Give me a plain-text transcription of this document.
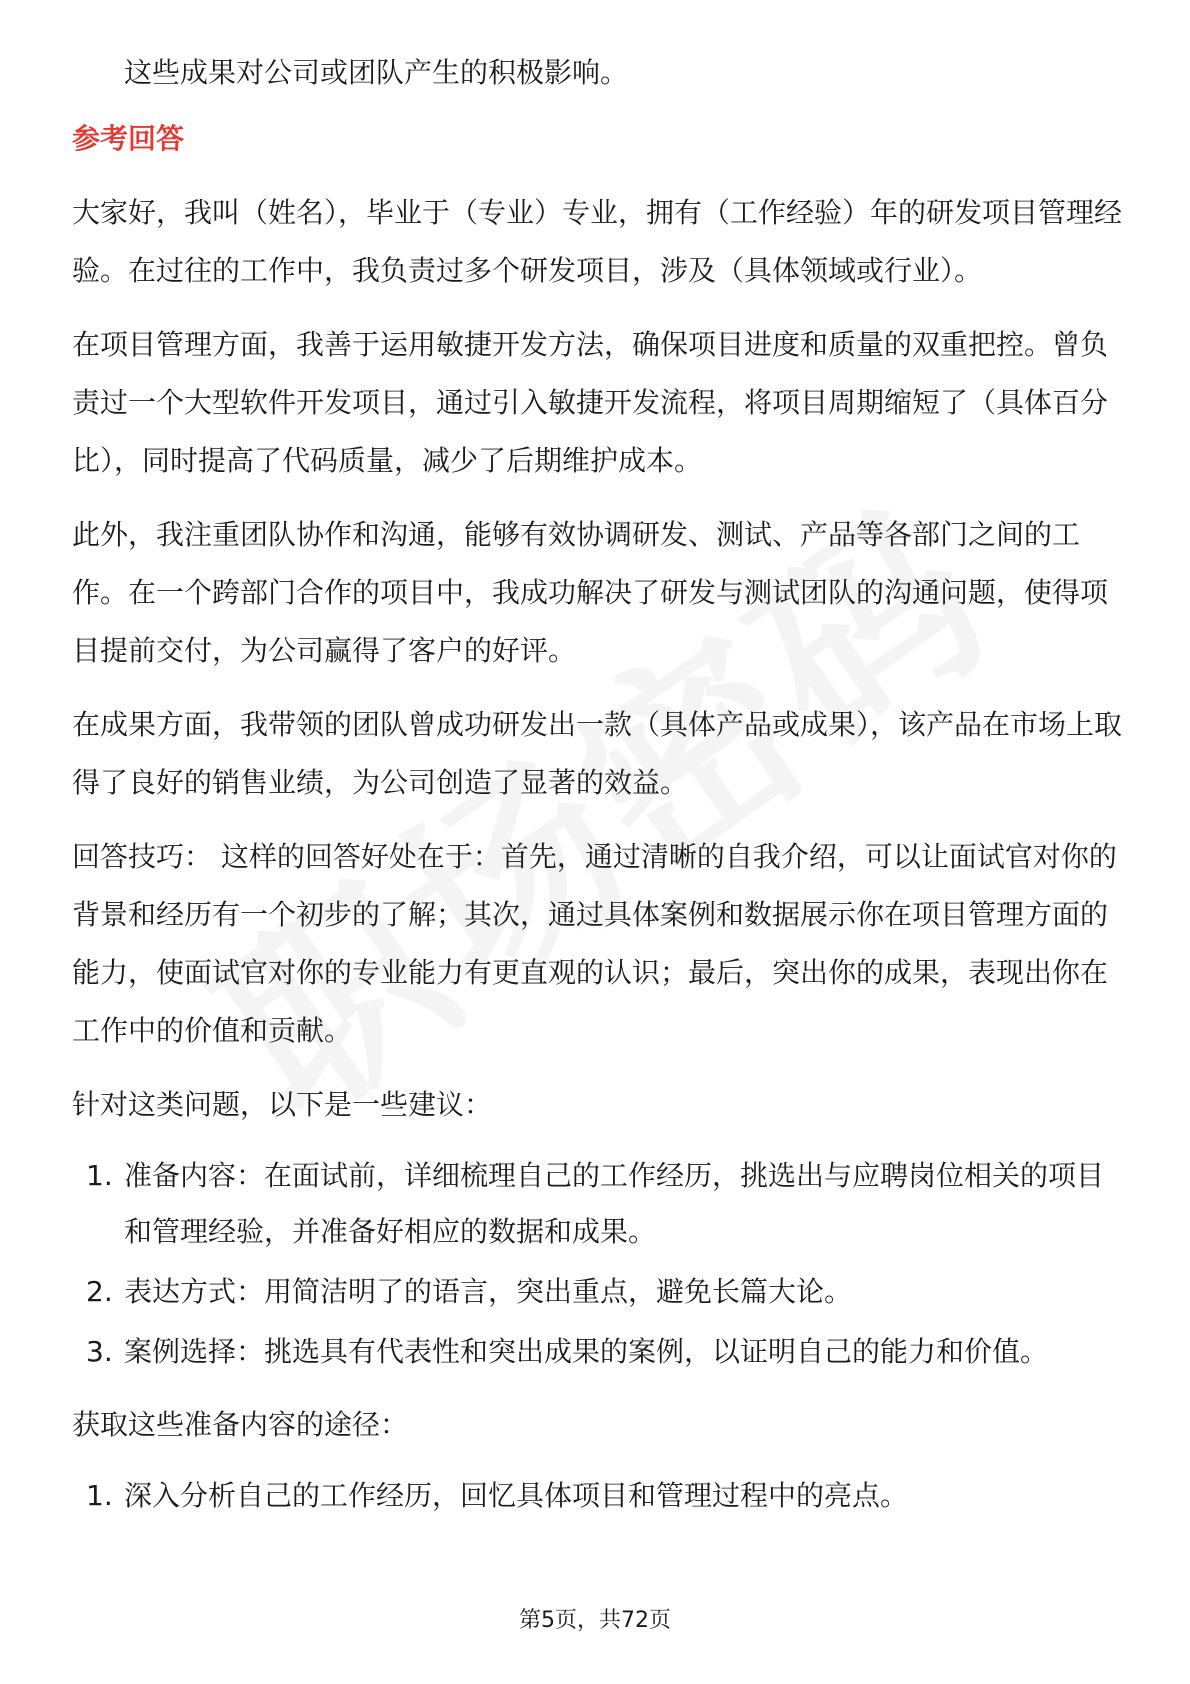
这些成果对公司或团队产生的积极影响。

参考回答

大家好，我叫（姓名），毕业于（专业）专业，拥有（工作经验）年的研发项目管理经验。在过往的工作中，我负责过多个研发项目，涉及（具体领域或行业）。

在项目管理方面，我善于运用敏捷开发方法，确保项目进度和质量的双重把控。曾负责过一个大型软件开发项目，通过引入敏捷开发流程，将项目周期缩短了（具体百分比），同时提高了代码质量，减少了后期维护成本。

此外，我注重团队协作和沟通，能够有效协调研发、测试、产品等各部门之间的工作。在一个跨部门合作的项目中，我成功解决了研发与测试团队的沟通问题，使得项目提前交付，为公司赢得了客户的好评。

在成果方面，我带领的团队曾成功研发出一款（具体产品或成果），该产品在市场上取得了良好的销售业绩，为公司创造了显著的效益。

回答技巧： 这样的回答好处在于：首先，通过清晰的自我介绍，可以让面试官对你的背景和经历有一个初步的了解；其次，通过具体案例和数据展示你在项目管理方面的能力，使面试官对你的专业能力有更直观的认识；最后，突出你的成果，表现出你在工作中的价值和贡献。

针对这类问题，以下是一些建议：

1. 准备内容：在面试前，详细梳理自己的工作经历，挑选出与应聘岗位相关的项目和管理经验，并准备好相应的数据和成果。
2. 表达方式：用简洁明了的语言，突出重点，避免长篇大论。
3. 案例选择：挑选具有代表性和突出成果的案例，以证明自己的能力和价值。

获取这些准备内容的途径：

1. 深入分析自己的工作经历，回忆具体项目和管理过程中的亮点。
第5页，共72页
